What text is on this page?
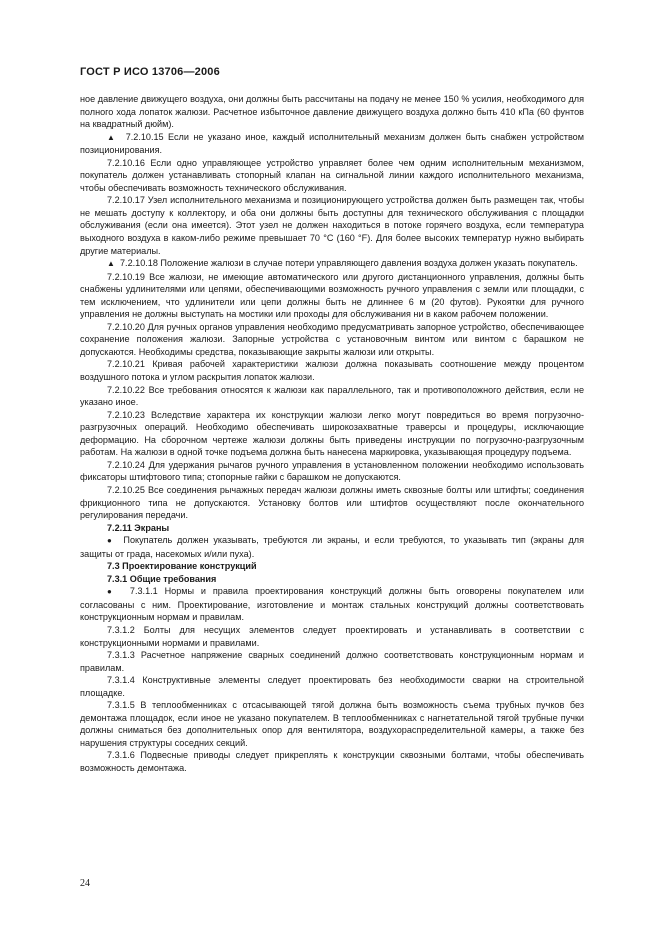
ГОСТ Р ИСО 13706—2006

ное давление движущего воздуха, они должны быть рассчитаны на подачу не менее 150 % усилия, необходимого для полного хода лопаток жалюзи. Расчетное избыточное давление движущего воздуха должно быть 410 кПа (60 фунтов на квадратный дюйм).

▲ 7.2.10.15 Если не указано иное, каждый исполнительный механизм должен быть снабжен устройством позиционирования.

7.2.10.16 Если одно управляющее устройство управляет более чем одним исполнительным механизмом, покупатель должен устанавливать стопорный клапан на сигнальной линии каждого исполнительного механизма, чтобы обеспечивать возможность технического обслуживания.

7.2.10.17 Узел исполнительного механизма и позиционирующего устройства должен быть размещен так, чтобы не мешать доступу к коллектору, и оба они должны быть доступны для технического обслуживания с площадки обслуживания (если она имеется). Этот узел не должен находиться в потоке горячего воздуха, если температура выходного воздуха в каком-либо режиме превышает 70 °С (160 °F). Для более высоких температур нужно выбирать другие материалы.

▲ 7.2.10.18 Положение жалюзи в случае потери управляющего давления воздуха должен указать покупатель.

7.2.10.19 Все жалюзи, не имеющие автоматического или другого дистанционного управления, должны быть снабжены удлинителями или цепями, обеспечивающими возможность ручного управления с земли или площадки, с тем исключением, что удлинители или цепи должны быть не длиннее 6 м (20 футов). Рукоятки для ручного управления не должны выступать на мостики или проходы для обслуживания ни в каком рабочем положении.

7.2.10.20 Для ручных органов управления необходимо предусматривать запорное устройство, обеспечивающее сохранение положения жалюзи. Запорные устройства с установочным винтом или винтом с барашком не допускаются. Необходимы средства, показывающие закрыты жалюзи или открыты.

7.2.10.21 Кривая рабочей характеристики жалюзи должна показывать соотношение между процентом воздушного потока и углом раскрытия лопаток жалюзи.

7.2.10.22 Все требования относятся к жалюзи как параллельного, так и противоположного действия, если не указано иное.

7.2.10.23 Вследствие характера их конструкции жалюзи легко могут повредиться во время погрузочно-разгрузочных операций. Необходимо обеспечивать широкозахватные траверсы и процедуры, исключающие деформацию. На сборочном чертеже жалюзи должны быть приведены инструкции по погрузочно-разгрузочным работам. На жалюзи в одной точке подъема должна быть нанесена маркировка, указывающая процедуру подъема.

7.2.10.24 Для удержания рычагов ручного управления в установленном положении необходимо использовать фиксаторы штифтового типа; стопорные гайки с барашком не допускаются.

7.2.10.25 Все соединения рычажных передач жалюзи должны иметь сквозные болты или штифты; соединения фрикционного типа не допускаются. Установку болтов или штифтов осуществляют после окончательного регулирования передачи.

7.2.11 Экраны

● Покупатель должен указывать, требуются ли экраны, и если требуются, то указывать тип (экраны для защиты от града, насекомых и/или пуха).

7.3 Проектирование конструкций

7.3.1 Общие требования

● 7.3.1.1 Нормы и правила проектирования конструкций должны быть оговорены покупателем или согласованы с ним. Проектирование, изготовление и монтаж стальных конструкций должны соответствовать конструкционным нормам и правилам.

7.3.1.2 Болты для несущих элементов следует проектировать и устанавливать в соответствии с конструкционными нормами и правилами.

7.3.1.3 Расчетное напряжение сварных соединений должно соответствовать конструкционным нормам и правилам.

7.3.1.4 Конструктивные элементы следует проектировать без необходимости сварки на строительной площадке.

7.3.1.5 В теплообменниках с отсасывающей тягой должна быть возможность съема трубных пучков без демонтажа площадок, если иное не указано покупателем. В теплообменниках с нагнетательной тягой трубные пучки должны сниматься без дополнительных опор для вентилятора, воздухораспределительной камеры, а также без нарушения структуры соседних секций.

7.3.1.6 Подвесные приводы следует прикреплять к конструкции сквозными болтами, чтобы обеспечивать возможность демонтажа.

24
